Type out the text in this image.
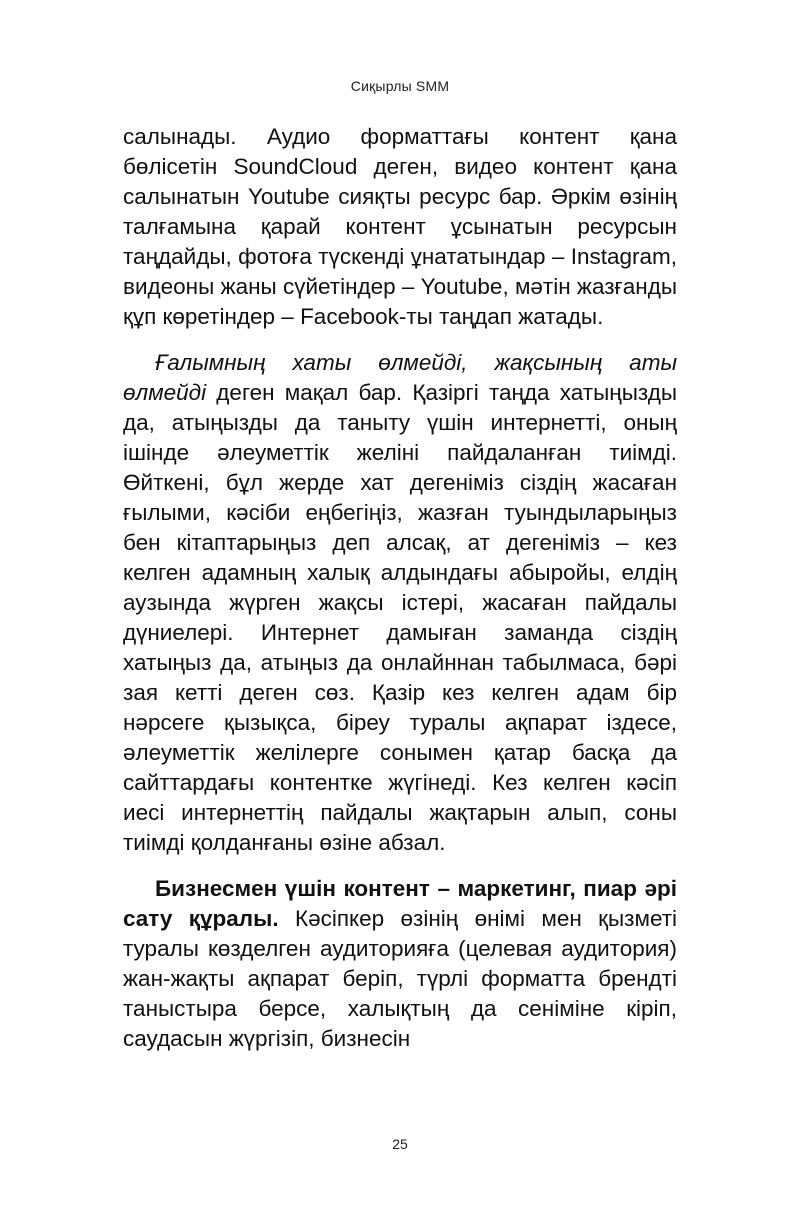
Сиқырлы SMM

салынады. Аудио форматтағы контент қана бөлісетін SoundCloud деген, видео контент қана салынатын Youtube сияқты ресурс бар. Әркім өзінің талғамына қарай контент ұсынатын ресурсын таңдайды, фотоға түскенді ұнататындар – Instagram, видеоны жаны сүйетіндер – Youtube, мәтін жазғанды құп көретіндер – Facebook-ты таңдап жатады.

Ғалымның хаты өлмейді, жақсының аты өлмейді деген мақал бар. Қазіргі таңда хатыңызды да, атыңызды да таныту үшін интернетті, оның ішінде әлеуметтік желіні пайдаланған тиімді. Өйткені, бұл жерде хат дегеніміз сіздің жасаған ғылыми, кәсіби еңбегіңіз, жазған туындыларыңыз бен кітаптарыңыз деп алсақ, ат дегеніміз – кез келген адамның халық алдындағы абыройы, елдің аузында жүрген жақсы істері, жасаған пайдалы дүниелері. Интернет дамыған заманда сіздің хатыңыз да, атыңыз да онлайннан табылмаса, бәрі зая кетті деген сөз. Қазір кез келген адам бір нәрсеге қызықса, біреу туралы ақпарат іздесе, әлеуметтік желілерге сонымен қатар басқа да сайттардағы контентке жүгінеді. Кез келген кәсіп иесі интернеттің пайдалы жақтарын алып, соны тиімді қолданғаны өзіне абзал.

Бизнесмен үшін контент – маркетинг, пиар әрі сату құралы. Кәсіпкер өзінің өнімі мен қызметі туралы көзделген аудиторияға (целевая аудитория) жан-жақты ақпарат беріп, түрлі форматта брендті таныстыра берсе, халықтың да сеніміне кіріп, саудасын жүргізіп, бизнесін

25
